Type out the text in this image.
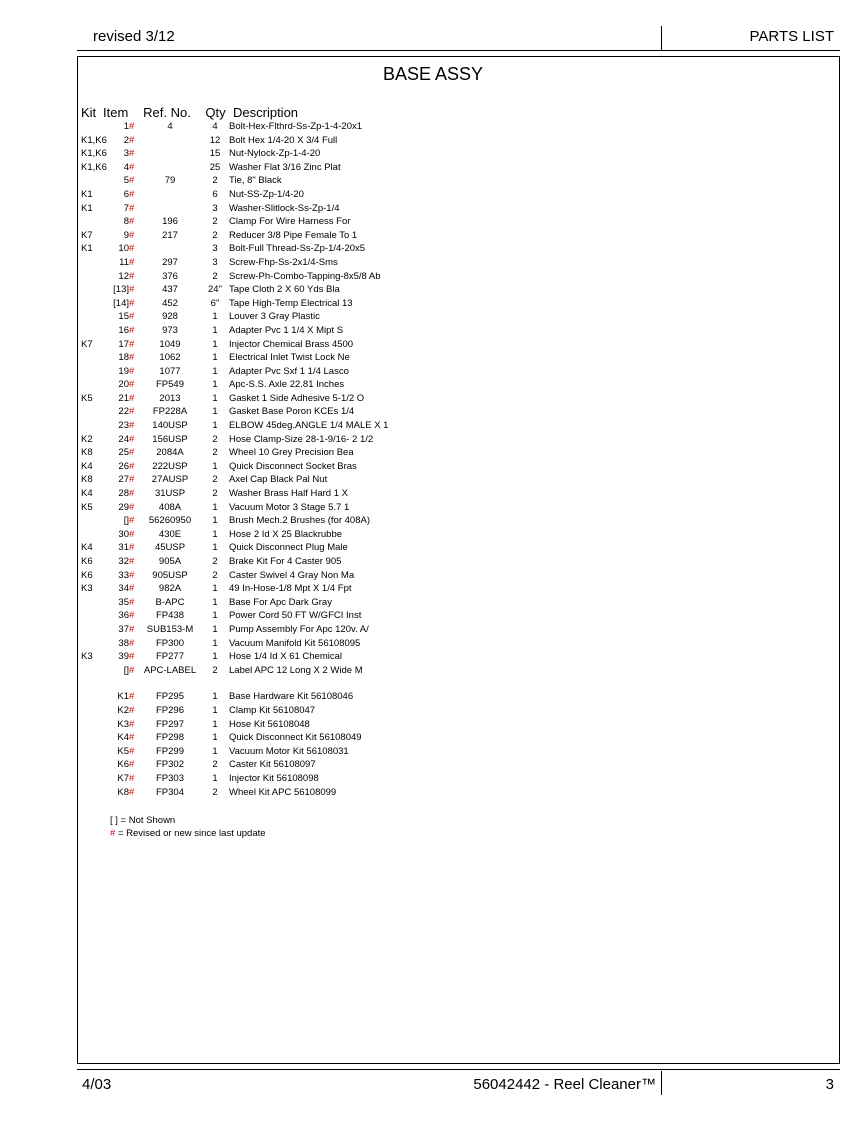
revised 3/12	PARTS LIST
BASE ASSY
Kit Item	Ref. No.	Qty Description
1 #	4	4	Bolt-Hex-Flthrd-Ss-Zp-1-4-20x1
K1,K6	2 #	12 Bolt Hex 1/4-20 X 3/4 Full
K1,K6	3 #	15 Nut-Nylock-Zp-1-4-20
K1,K6	4 #	25 Washer Flat 3/16 Zinc Plat
5 #	79	2	Tie, 8" Black
K1	6 #	6	Nut-SS-Zp-1/4-20
K1	7 #	3	Washer-Slitlock-Ss-Zp-1/4
8 #	196	2	Clamp For Wire Harness For
K7	9 #	217	2	Reducer 3/8 Pipe Female To 1
K1	10 #	3	Bolt-Full Thread-Ss-Zp-1/4-20x5
11 #	297	3	Screw-Fhp-Ss-2x1/4-Sms
12 #	376	2	Screw-Ph-Combo-Tapping-8x5/8 Ab
[13] #	437	24" Tape Cloth 2 X 60 Yds Bla
[14] #	452	6"	Tape High-Temp Electrical 13
15 #	928	1	Louver 3 Gray Plastic
16 #	973	1	Adapter Pvc 1 1/4 X Mipt S
K7	17 #	1049	1	Injector Chemical Brass 4500
18 #	1062	1	Electrical Inlet Twist Lock Ne
19 #	1077	1	Adapter Pvc Sxf 1 1/4 Lasco
20 #	FP549	1	Apc-S.S. Axle 22.81 Inches
K5	21 #	2013	1	Gasket 1 Side Adhesive 5-1/2 O
22 #	FP228A	1	Gasket Base Poron KCEs 1/4
23 #	140USP	1	ELBOW 45deg.ANGLE 1/4 MALE X 1
K2	24 #	156USP	2	Hose Clamp-Size 28-1-9/16- 2 1/2
K8	25 #	2084A	2	Wheel 10 Grey Precision Bea
K4	26 #	222USP	1	Quick Disconnect Socket Bras
K8	27 #	27AUSP	2	Axel Cap Black Pal Nut
K4	28 #	31USP	2	Washer Brass Half Hard 1 X
K5	29 #	408A	1	Vacuum Motor 3 Stage 5.7 1
[] #	56260950	1	Brush Mech.2 Brushes (for 408A)
30 #	430E	1	Hose 2 Id X 25 Blackrubbe
K4	31 #	45USP	1	Quick Disconnect Plug Male
K6	32 #	905A	2	Brake Kit For 4 Caster 905
K6	33 #	905USP	2	Caster Swivel 4 Gray Non Ma
K3	34 #	982A	1	49 In-Hose-1/8 Mpt X 1/4 Fpt
35 #	B-APC	1	Base For Apc Dark Gray
36 #	FP438	1	Power Cord 50 FT W/GFCI Inst
37 #	SUB153-M	1	Pump Assembly For Apc 120v. A/
38 #	FP300	1	Vacuum Manifold Kit 56108095
K3	39 #	FP277	1	Hose 1/4 Id X 61 Chemical
[] #	APC-LABEL	2	Label APC 12 Long X 2 Wide M
K1 #	FP295	1	Base Hardware Kit 56108046
K2 #	FP296	1	Clamp Kit 56108047
K3 #	FP297	1	Hose Kit 56108048
K4 #	FP298	1	Quick Disconnect Kit 56108049
K5 #	FP299	1	Vacuum Motor Kit 56108031
K6 #	FP302	2	Caster Kit 56108097
K7 #	FP303	1	Injector Kit 56108098
K8 #	FP304	2	Wheel Kit APC 56108099
[ ] = Not Shown
# = Revised or new since last update
4/03	56042442 - Reel Cleaner™	3
